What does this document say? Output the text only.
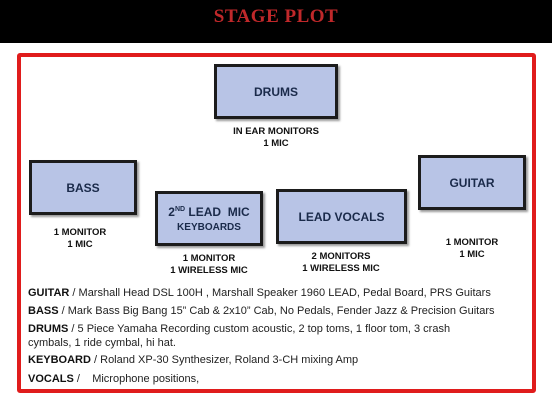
STAGE PLOT
DRUMS
IN EAR MONITORS
1 MIC
BASS
1 MONITOR
1 MIC
2ND LEAD  MIC
KEYBOARDS
1 MONITOR
1 WIRELESS MIC
LEAD VOCALS
2 MONITORS
1 WIRELESS MIC
GUITAR
1 MONITOR
1 MIC
GUITAR / Marshall Head DSL 100H , Marshall Speaker 1960 LEAD, Pedal Board, PRS Guitars
BASS / Mark Bass Big Bang 15” Cab & 2x10” Cab, No Pedals, Fender Jazz & Precision Guitars
DRUMS / 5 Piece Yamaha Recording custom acoustic, 2 top toms, 1 floor tom, 3 crash
cymbals, 1 ride cymbal, hi hat.
KEYBOARD / Roland XP-30 Synthesizer, Roland 3-CH mixing Amp
VOCALS /    Microphone positions,
